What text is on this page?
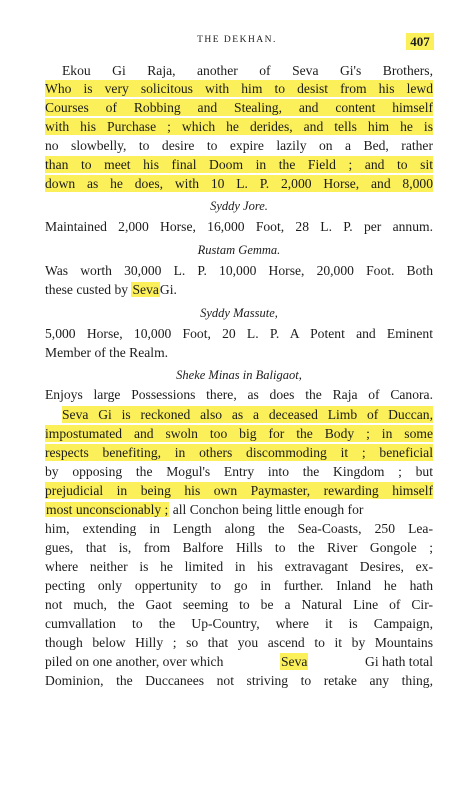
THE DEKHAN.	407
Ekou Gi Raja, another of Seva Gi's Brothers,
Who is very solicitous with him to desist from his lewd
Courses of Robbing and Stealing, and content himself
with his Purchase ; which he derides, and tells him he is
no slowbelly, to desire to expire lazily on a Bed, rather
than to meet his final Doom in the Field ; and to sit
down as he does, with 10 L. P. 2,000 Horse, and 8,000
Syddy Jore.
Maintained 2,000 Horse, 16,000 Foot, 28 L. P. per annum.
Rustam Gemma.
Was worth 30,000 L. P. 10,000 Horse, 20,000 Foot. Both
these custed by SevaGi.
Syddy Massute,
5,000 Horse, 10,000 Foot, 20 L. P. A Potent and Eminent
Member of the Realm.
Sheke Minas in Baligaot,
Enjoys large Possessions there, as does the Raja of Canora.
Seva Gi is reckoned also as a deceased Limb of Duccan,
impostumated and swoln too big for the Body ; in some
respects benefiting, in others discommoding it ; beneficial
by opposing the Mogul's Entry into the Kingdom ; but
prejudicial in being his own Paymaster, rewarding himself
most unconscionably ; all Conchon being little enough for
him, extending in Length along the Sea-Coasts, 250 Lea-
gues, that is, from Balfore Hills to the River Gongole ;
where neither is he limited in his extravagant Desires, ex-
pecting only oppertunity to go in further. Inland he hath
not much, the Gaot seeming to be a Natural Line of Cir-
cumvallation to the Up-Country, where it is Campaign,
though below Hilly ; so that you ascend to it by Mountains
piled on one another, over which	Seva	Gi hath total
Dominion, the Duccanees not striving to retake any thing,
